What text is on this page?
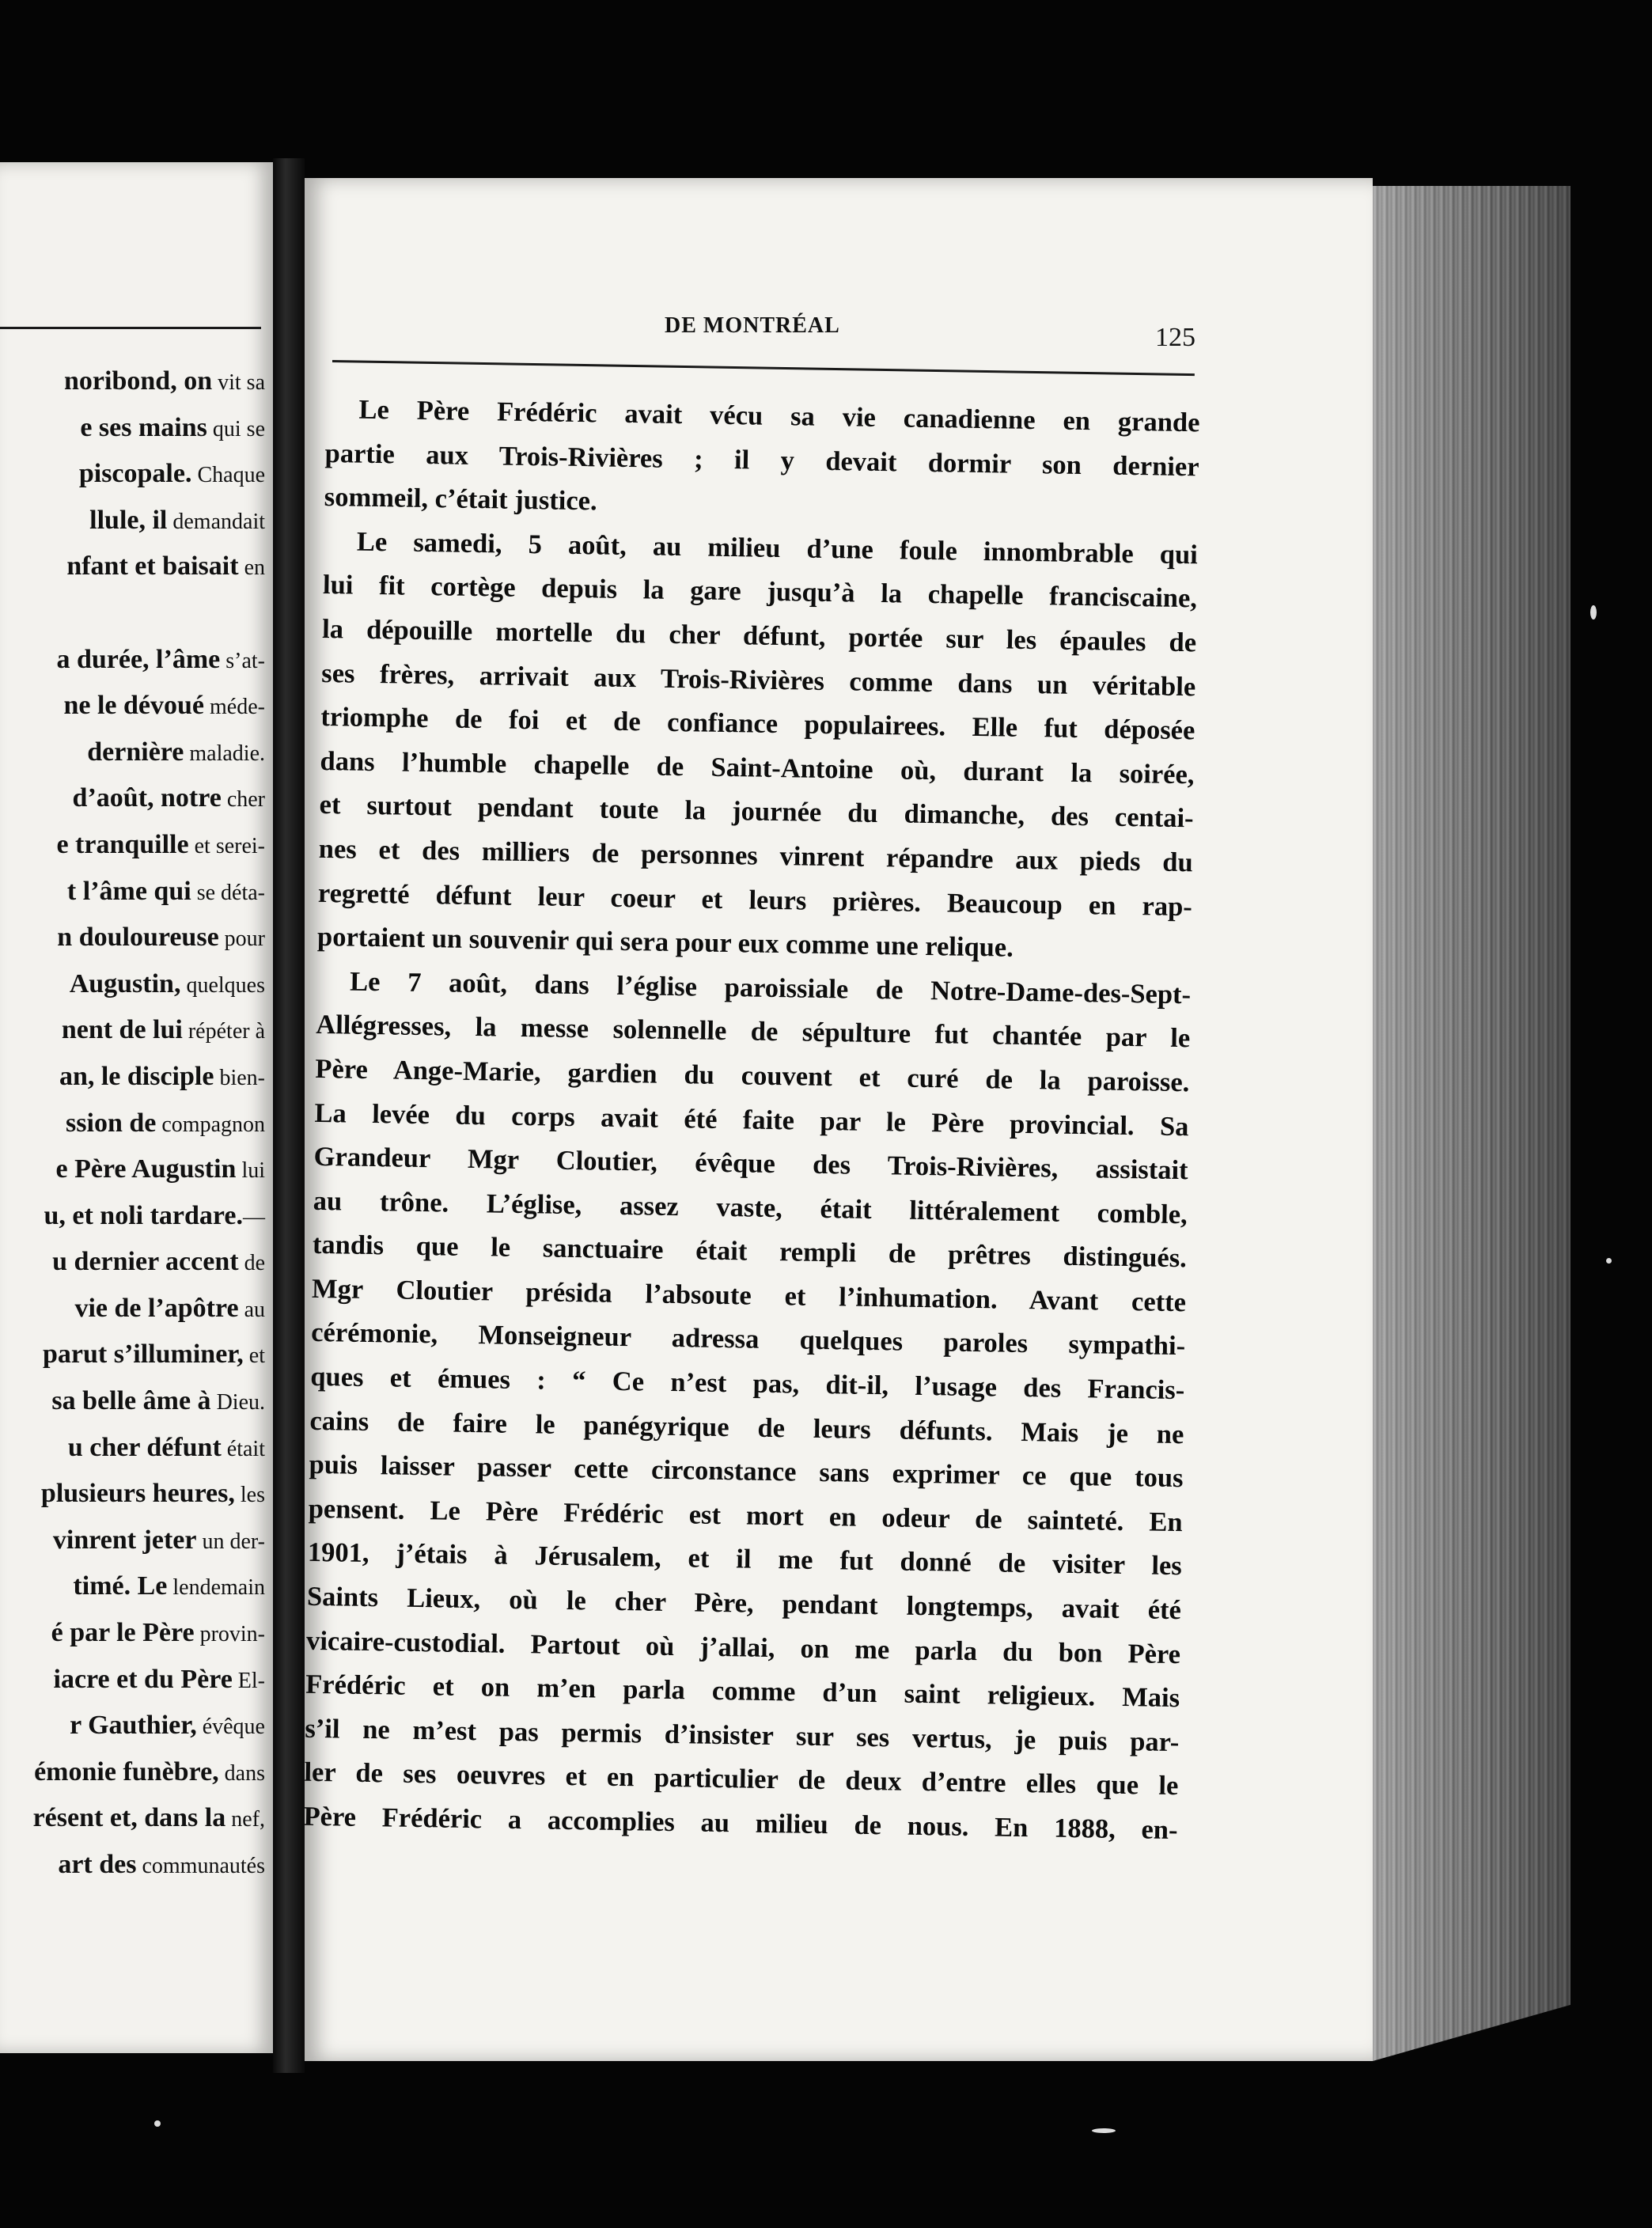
noribond, on vit sa
e ses mains qui se
piscopale. Chaque
llule, il demandait
nfant et baisait en
a durée, l’âme s’at-
ne le dévoué méde-
dernière maladie.
d’août, notre cher
e tranquille et serei-
t l’âme qui se déta-
n douloureuse pour
Augustin, quelques
nent de lui répéter à
an, le disciple bien-
ssion de compagnon
e Père Augustin lui
u, et noli tardare.—
u dernier accent de
vie de l’apôtre au
parut s’illuminer, et
sa belle âme à Dieu.
u cher défunt était
plusieurs heures, les
vinrent jeter un der-
timé. Le lendemain
é par le Père provin-
iacre et du Père El-
r Gauthier, évêque
émonie funèbre, dans
résent et, dans la nef,
art des communautés
DE MONTRÉAL	125
Le Père Frédéric avait vécu sa vie canadienne en grande
partie aux Trois-Rivières ; il y devait dormir son dernier
sommeil, c’était justice.
Le samedi, 5 août, au milieu d’une foule innombrable qui
lui fit cortège depuis la gare jusqu’à la chapelle franciscaine,
la dépouille mortelle du cher défunt, portée sur les épaules de
ses frères, arrivait aux Trois-Rivières comme dans un véritable
triomphe de foi et de confiance populairees. Elle fut déposée
dans l’humble chapelle de Saint-Antoine où, durant la soirée,
et surtout pendant toute la journée du dimanche, des centai-
nes et des milliers de personnes vinrent répandre aux pieds du
regretté défunt leur coeur et leurs prières. Beaucoup en rap-
portaient un souvenir qui sera pour eux comme une relique.
Le 7 août, dans l’église paroissiale de Notre-Dame-des-Sept-
Allégresses, la messe solennelle de sépulture fut chantée par le
Père Ange-Marie, gardien du couvent et curé de la paroisse.
La levée du corps avait été faite par le Père provincial. Sa
Grandeur Mgr Cloutier, évêque des Trois-Rivières, assistait
au trône. L’église, assez vaste, était littéralement comble,
tandis que le sanctuaire était rempli de prêtres distingués.
Mgr Cloutier présida l’absoute et l’inhumation. Avant cette
cérémonie, Monseigneur adressa quelques paroles sympathi-
ques et émues : “ Ce n’est pas, dit-il, l’usage des Francis-
cains de faire le panégyrique de leurs défunts. Mais je ne
puis laisser passer cette circonstance sans exprimer ce que tous
pensent. Le Père Frédéric est mort en odeur de sainteté. En
1901, j’étais à Jérusalem, et il me fut donné de visiter les
Saints Lieux, où le cher Père, pendant longtemps, avait été
vicaire-custodial. Partout où j’allai, on me parla du bon Père
Frédéric et on m’en parla comme d’un saint religieux. Mais
s’il ne m’est pas permis d’insister sur ses vertus, je puis par-
ler de ses oeuvres et en particulier de deux d’entre elles que le
Père Frédéric a accomplies au milieu de nous. En 1888, en-
